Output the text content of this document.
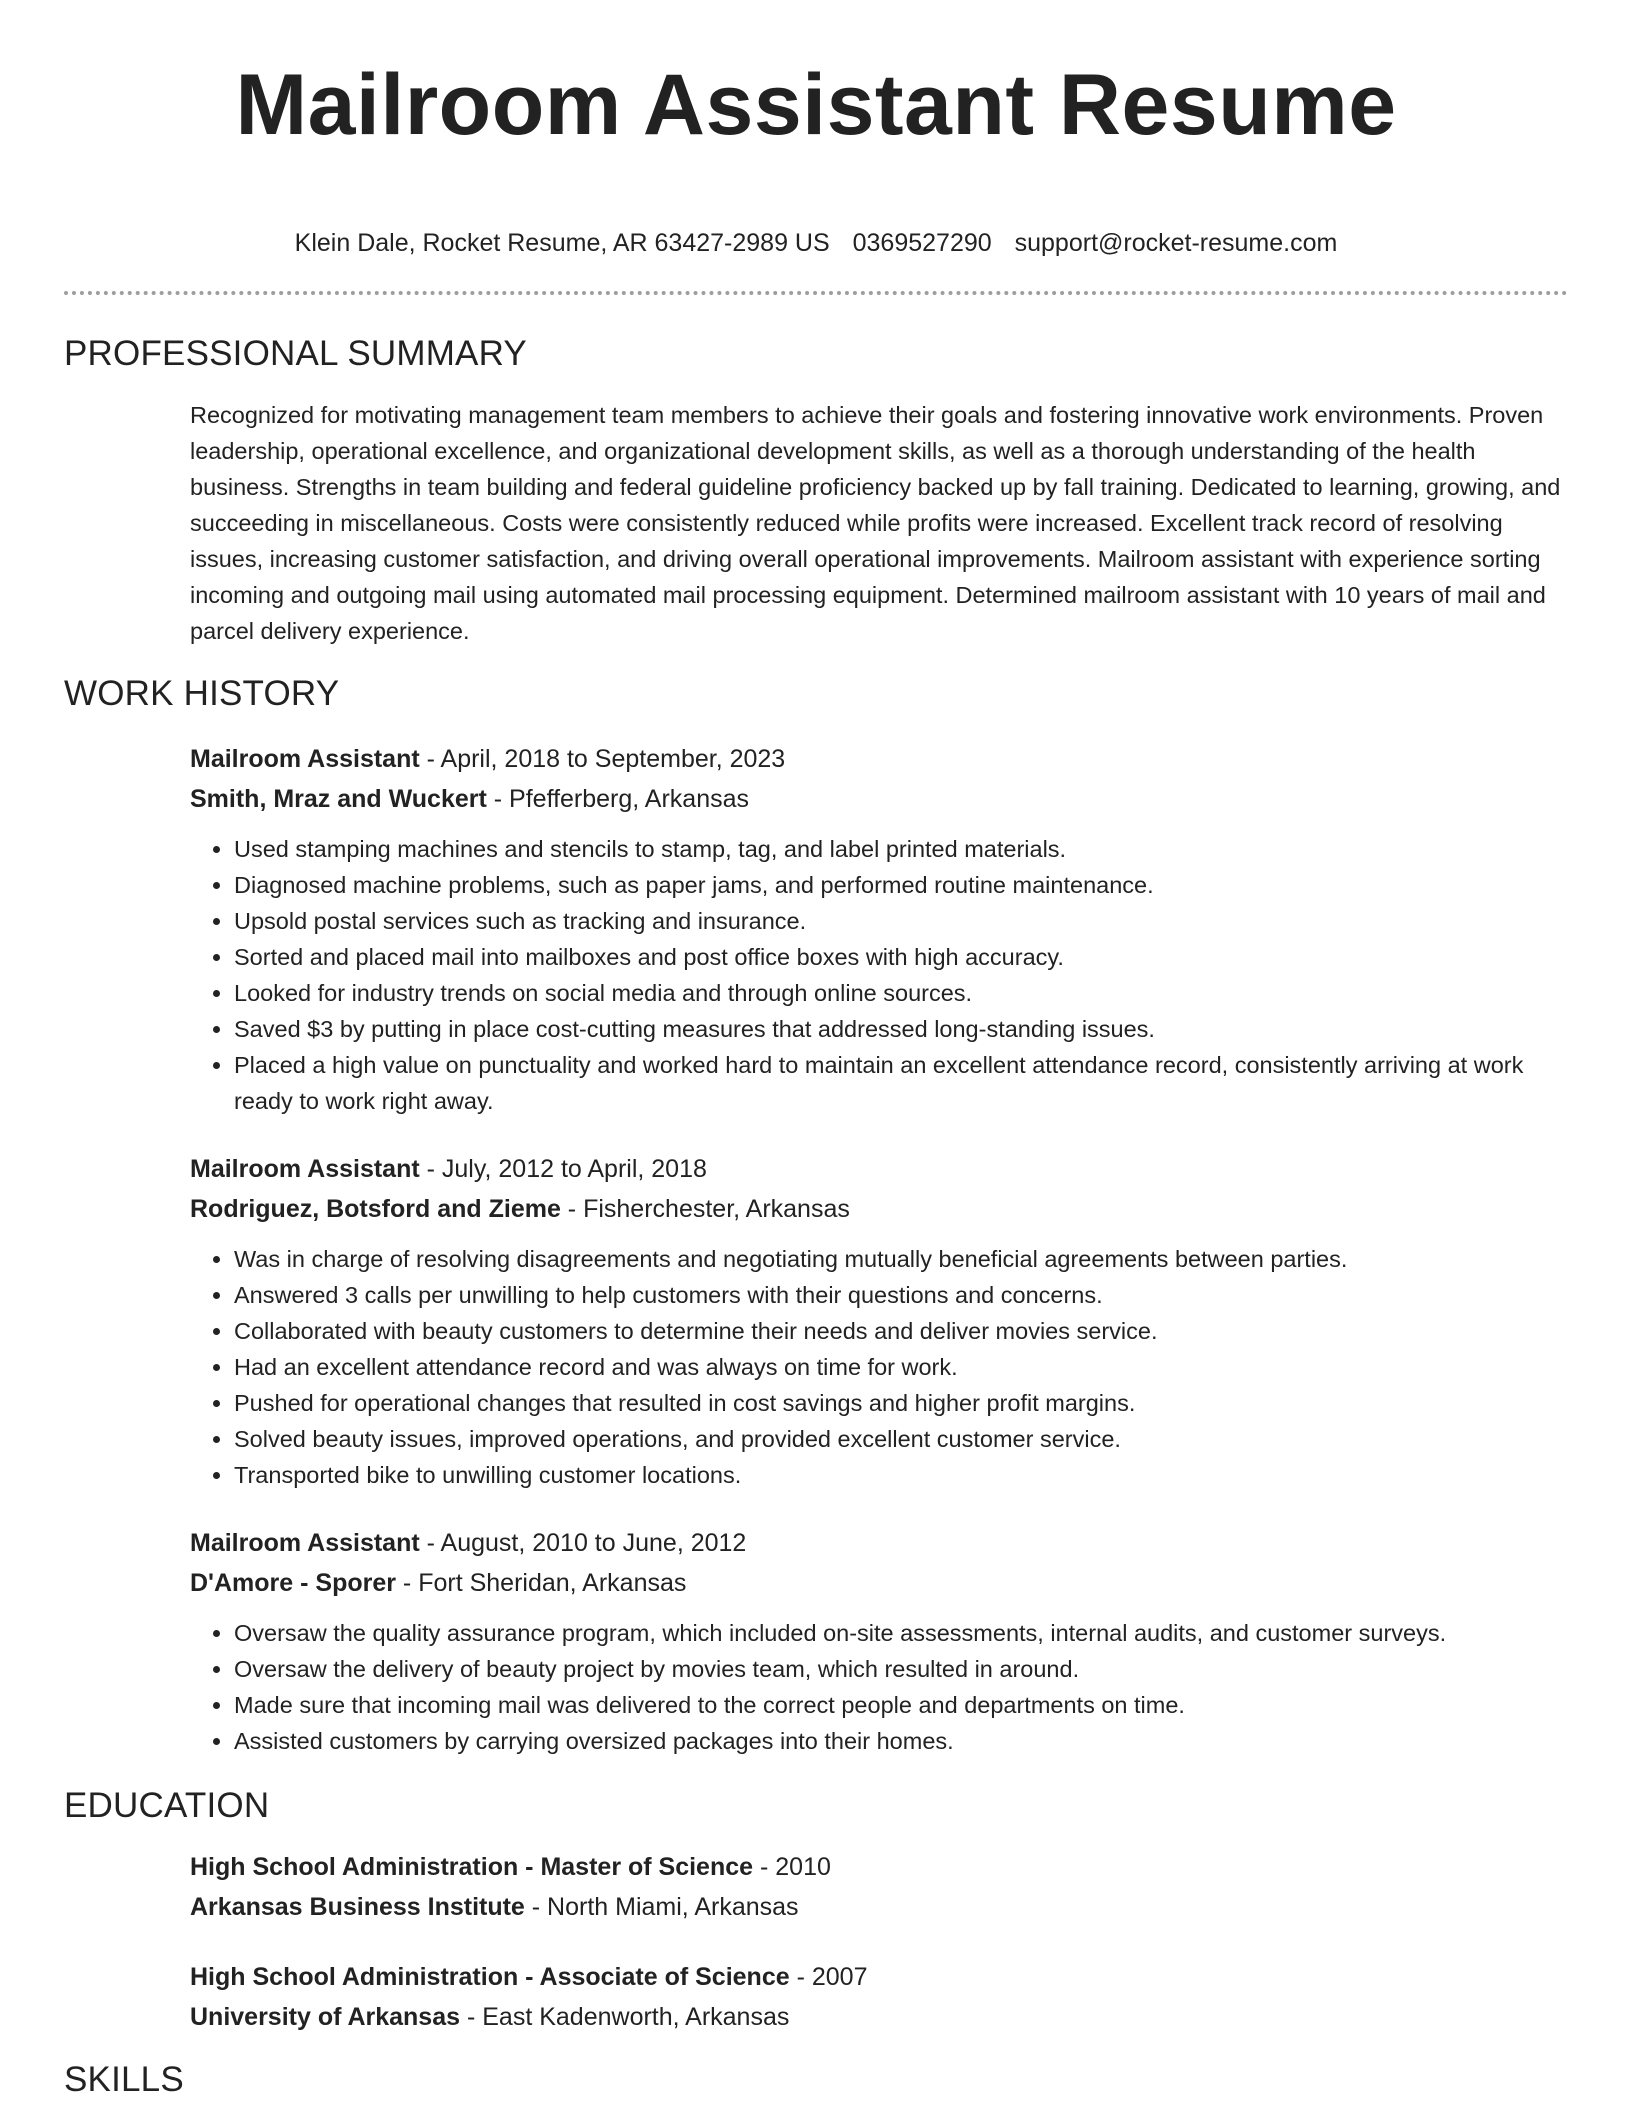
Mailroom Assistant Resume
Klein Dale, Rocket Resume, AR 63427-2989 US 0369527290 support@rocket-resume.com
PROFESSIONAL SUMMARY

Recognized for motivating management team members to achieve their goals and fostering innovative work environments. Proven leadership, operational excellence, and organizational development skills, as well as a thorough understanding of the health business. Strengths in team building and federal guideline proficiency backed up by fall training. Dedicated to learning, growing, and succeeding in miscellaneous. Costs were consistently reduced while profits were increased. Excellent track record of resolving issues, increasing customer satisfaction, and driving overall operational improvements. Mailroom assistant with experience sorting incoming and outgoing mail using automated mail processing equipment. Determined mailroom assistant with 10 years of mail and parcel delivery experience.

WORK HISTORY
Mailroom Assistant - April, 2018 to September, 2023
Smith, Mraz and Wuckert - Pfefferberg, Arkansas
• Used stamping machines and stencils to stamp, tag, and label printed materials.
• Diagnosed machine problems, such as paper jams, and performed routine maintenance.
• Upsold postal services such as tracking and insurance.
• Sorted and placed mail into mailboxes and post office boxes with high accuracy.
• Looked for industry trends on social media and through online sources.
• Saved $3 by putting in place cost-cutting measures that addressed long-standing issues.
• Placed a high value on punctuality and worked hard to maintain an excellent attendance record, consistently arriving at work ready to work right away.
Mailroom Assistant - July, 2012 to April, 2018
Rodriguez, Botsford and Zieme - Fisherchester, Arkansas
• Was in charge of resolving disagreements and negotiating mutually beneficial agreements between parties.
• Answered 3 calls per unwilling to help customers with their questions and concerns.
• Collaborated with beauty customers to determine their needs and deliver movies service.
• Had an excellent attendance record and was always on time for work.
• Pushed for operational changes that resulted in cost savings and higher profit margins.
• Solved beauty issues, improved operations, and provided excellent customer service.
• Transported bike to unwilling customer locations.
Mailroom Assistant - August, 2010 to June, 2012
D'Amore - Sporer - Fort Sheridan, Arkansas
• Oversaw the quality assurance program, which included on-site assessments, internal audits, and customer surveys.
• Oversaw the delivery of beauty project by movies team, which resulted in around.
• Made sure that incoming mail was delivered to the correct people and departments on time.
• Assisted customers by carrying oversized packages into their homes.
EDUCATION
High School Administration - Master of Science - 2010
Arkansas Business Institute - North Miami, Arkansas
High School Administration - Associate of Science - 2007
University of Arkansas - East Kadenworth, Arkansas
SKILLS
